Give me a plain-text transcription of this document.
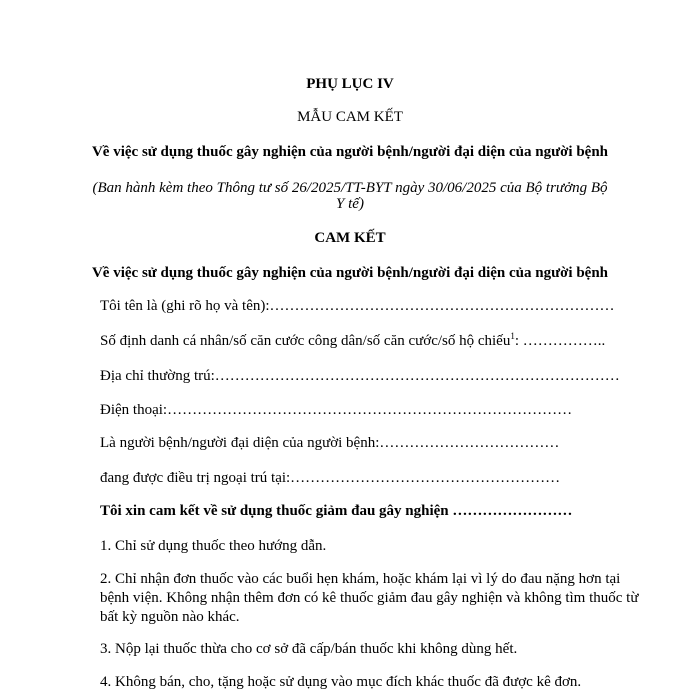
PHỤ LỤC IV
MẪU CAM KẾT
Về việc sử dụng thuốc gây nghiện của người bệnh/người đại diện của người bệnh
(Ban hành kèm theo Thông tư số 26/2025/TT-BYT ngày 30/06/2025 của Bộ trưởng Bộ
Y tế)
CAM KẾT
Về việc sử dụng thuốc gây nghiện của người bệnh/người đại diện của người bệnh
Tôi tên là (ghi rõ họ và tên):……………………………………………………………
Số định danh cá nhân/số căn cước công dân/số căn cước/số hộ chiếu$^1$: ……………..
Địa chỉ thường trú:………………………………………………………………………
Điện thoại:………………………………………………………………………
Là người bệnh/người đại diện của người bệnh:………………………………
đang được điều trị ngoại trú tại:………………………………………………
Tôi xin cam kết về sử dụng thuốc giảm đau gây nghiện ……………………
1. Chỉ sử dụng thuốc theo hướng dẫn.
2. Chỉ nhận đơn thuốc vào các buổi hẹn khám, hoặc khám lại vì lý do đau nặng hơn tại bệnh viện. Không nhận thêm đơn có kê thuốc giảm đau gây nghiện và không tìm thuốc từ bất kỳ nguồn nào khác.
3. Nộp lại thuốc thừa cho cơ sở đã cấp/bán thuốc khi không dùng hết.
4. Không bán, cho, tặng hoặc sử dụng vào mục đích khác thuốc đã được kê đơn.
